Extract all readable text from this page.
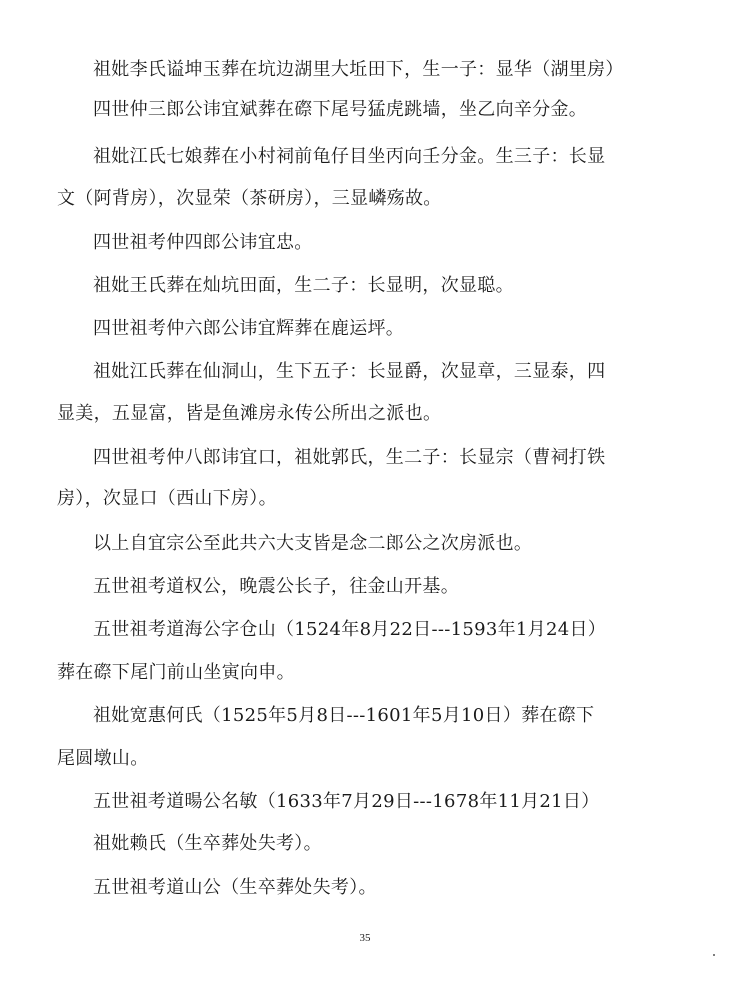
祖妣李氏谥坤玉葬在坑边湖里大坵田下，生一子：显华（湖里房）
四世仲三郎公讳宜斌葬在磜下尾号猛虎跳墙，坐乙向辛分金。
祖妣江氏七娘葬在小村祠前龟仔目坐丙向壬分金。生三子：长显
文（阿背房），次显荣（茶研房），三显嶙殇故。
四世祖考仲四郎公讳宜忠。
祖妣王氏葬在灿坑田面，生二子：长显明，次显聪。
四世祖考仲六郎公讳宜辉葬在鹿运坪。
祖妣江氏葬在仙洞山，生下五子：长显爵，次显章，三显泰，四
显美，五显富，皆是鱼滩房永传公所出之派也。
四世祖考仲八郎讳宜口，祖妣郭氏，生二子：长显宗（曹祠打铁
房），次显口（西山下房）。
以上自宜宗公至此共六大支皆是念二郎公之次房派也。
五世祖考道权公，晚震公长子，往金山开基。
五世祖考道海公字仓山（1524年8月22日---1593年1月24日）
葬在磜下尾门前山坐寅向申。
祖妣宽惠何氏（1525年5月8日---1601年5月10日）葬在磜下
尾圆墩山。
五世祖考道暘公名敏（1633年7月29日---1678年11月21日）
祖妣赖氏（生卒葬处失考）。
五世祖考道山公（生卒葬处失考）。
35
